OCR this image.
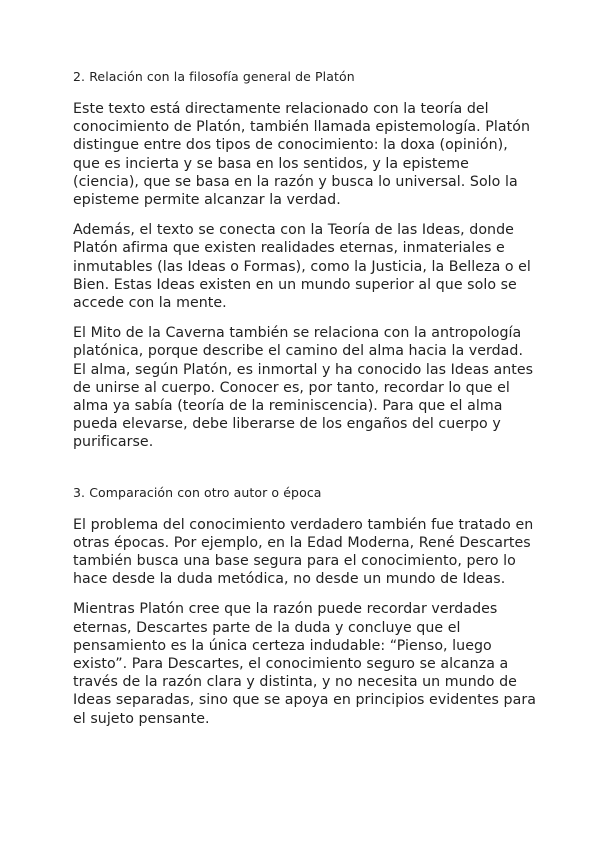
2. Relación con la filosofía general de Platón

Este texto está directamente relacionado con la teoría del conocimiento de Platón, también llamada epistemología. Platón distingue entre dos tipos de conocimiento: la doxa (opinión), que es incierta y se basa en los sentidos, y la episteme (ciencia), que se basa en la razón y busca lo universal. Solo la episteme permite alcanzar la verdad.

Además, el texto se conecta con la Teoría de las Ideas, donde Platón afirma que existen realidades eternas, inmateriales e inmutables (las Ideas o Formas), como la Justicia, la Belleza o el Bien. Estas Ideas existen en un mundo superior al que solo se accede con la mente.

El Mito de la Caverna también se relaciona con la antropología platónica, porque describe el camino del alma hacia la verdad. El alma, según Platón, es inmortal y ha conocido las Ideas antes de unirse al cuerpo. Conocer es, por tanto, recordar lo que el alma ya sabía (teoría de la reminiscencia). Para que el alma pueda elevarse, debe liberarse de los engaños del cuerpo y purificarse.

3. Comparación con otro autor o época

El problema del conocimiento verdadero también fue tratado en otras épocas. Por ejemplo, en la Edad Moderna, René Descartes también busca una base segura para el conocimiento, pero lo hace desde la duda metódica, no desde un mundo de Ideas.

Mientras Platón cree que la razón puede recordar verdades eternas, Descartes parte de la duda y concluye que el pensamiento es la única certeza indudable: “Pienso, luego existo”. Para Descartes, el conocimiento seguro se alcanza a través de la razón clara y distinta, y no necesita un mundo de Ideas separadas, sino que se apoya en principios evidentes para el sujeto pensante.
